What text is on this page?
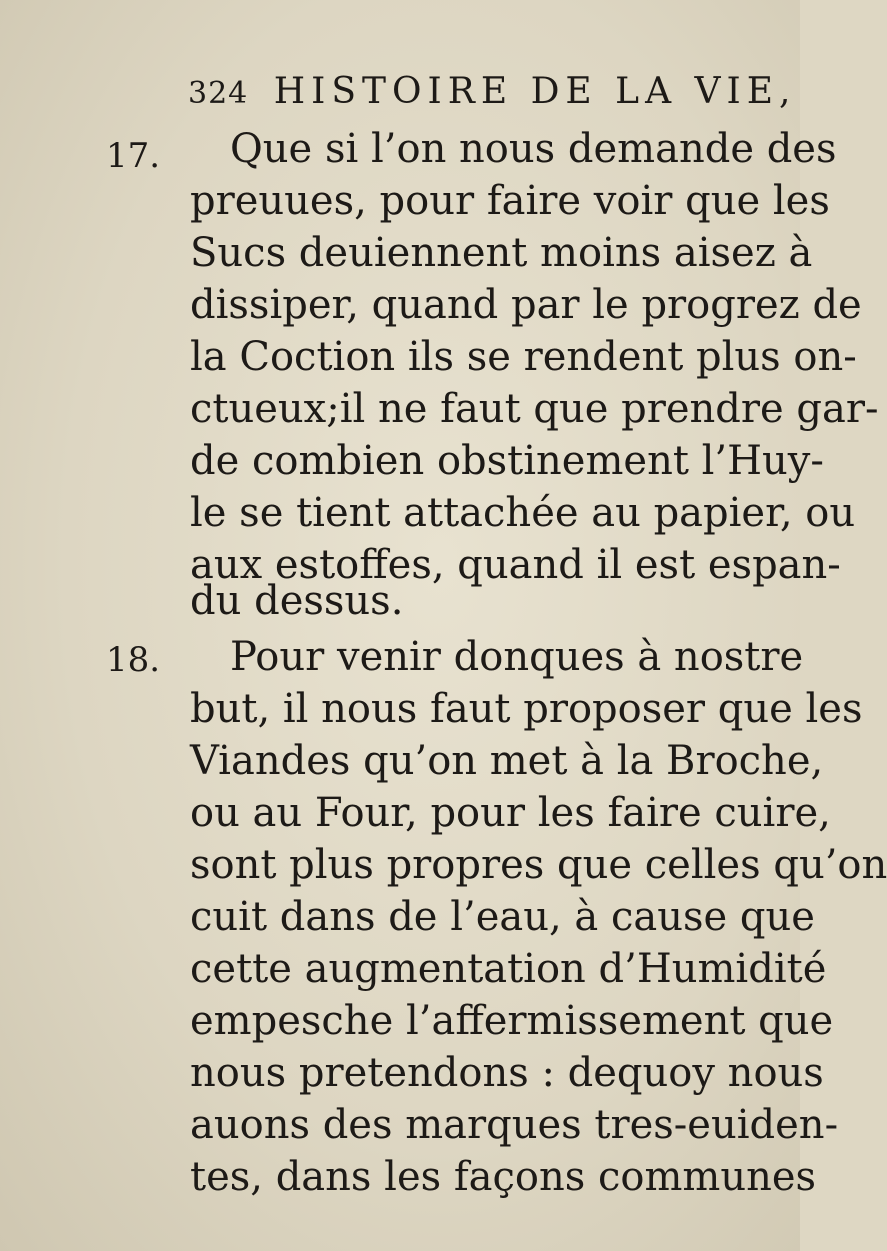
324 HISTOIRE DE LA VIE,
17. Que si l’on nous demande des
preuues, pour faire voir que les
Sucs deuiennent moins aisez à
dissiper, quand par le progrez de
la Coction ils se rendent plus on-
ctueux;il ne faut que prendre gar-
de combien obstinement l’Huy-
le se tient attachée au papier, ou
aux estoffes, quand il est espan-
du dessus.
18. Pour venir donques à nostre
but, il nous faut proposer que les
Viandes qu’on met à la Broche,
ou au Four, pour les faire cuire,
sont plus propres que celles qu’on
cuit dans de l’eau, à cause que
cette augmentation d’Humidité
empesche l’affermissement que
nous pretendons : dequoy nous
auons des marques tres-euiden-
tes, dans les façons communes
